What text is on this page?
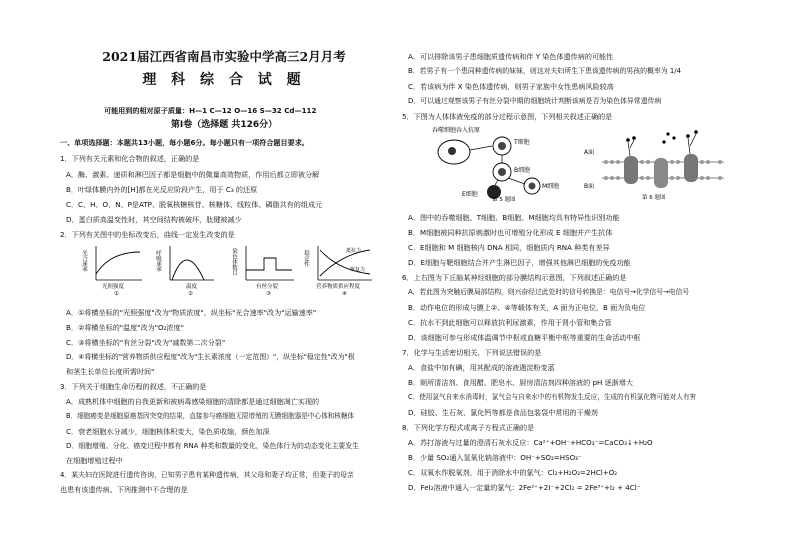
2021届江西省南昌市实验中学高三2月月考
理 科 综 合 试 题
可能用到的相对原子质量：H—1 C—12 O—16 S—32 Cd—112
第Ⅰ卷（选择题 共126分）
一、单项选择题：本题共13小题，每小题6分。每小题只有一项符合题目要求。
1．下列有关元素和化合物的叙述，正确的是
A．酶、激素、递质和淋巴因子都是细胞中的微量高效物质，作用后都立即被分解
B．叶绿体膜内外的[H]都在光反应阶段产生，用于 C₃ 的还原
C．C、H、O、N、P是ATP、脱氧核糖核苷、核糖体、线粒体、磷脂共有的组成元
D．蛋白质高温变性时，其空间结构被破坏，肽键被减少
2．下列有关图中的坐标改变后，曲线一定发生改变的是
光合速率
光照强度
①
呼吸速率
温度
②
染色体数目
有丝分裂
③
稳定性	抵抗力
恢复力
营养物质供应程度
④
A．①将横坐标的"光照强度"改为"物质浓度"，纵坐标"光合速率"改为"运输速率"
B．②将横坐标的"温度"改为"O₂浓度"
C．③将横坐标的"有丝分裂"改为"减数第二次分裂"
D．④将横坐标的"营养物质供应程度"改为"生长素浓度（一定范围）"，纵坐标"稳定性"改为"根
和茎生长单位长度所需时间"
3．下列关于细胞生命历程的叙述，不正确的是
A．成熟机体中细胞的自我更新和被病毒感染细胞的清除都是通过细胞凋亡实现的
B．细胞癌变是细胞原癌基因突变的结果，直接参与癌细胞无限增殖的无膜细胞器是中心体和核糖体
C．衰老细胞水分减少，细胞核体积变大，染色质收缩，颜色加深
D．细胞增殖、分化、癌变过程中都有 RNA 种类和数量的变化，染色体行为的动态变化主要发生
在细胞增殖过程中
4．某夫妇在医院进行遗传咨询，已知男子患有某种遗传病，其父母和妻子均正常，但妻子的母亲
也患有该遗传病。下列推测中不合理的是
A．可以排除该男子患细胞质遗传病和伴 Y 染色体遗传病的可能性
B．若男子有一个患同种遗传病的妹妹，则这对夫妇所生下患该遗传病的男孩的概率为 1/4
C．若该病为伴 X 染色体遗传病，则男子家族中女性患病风险较高
D．可以通过观察该男子有丝分裂中期的细胞统计判断该病是否为染色体异常遗传病
5．下图为人体体液免疫的部分过程示意图，下列相关叙述正确的是
吞噬细胞吞入抗原
T细胞
B细胞
M细胞
E细胞
第 5 题图
A面
B面
第 6 题图
A．图中的吞噬细胞、T细胞、B细胞、M细胞均具有特异性识别功能
B．M细胞被同种抗原刺激时也可增殖分化形成 E 细胞并产生抗体
C．E细胞和 M 细胞核内 DNA 相同，细胞质内 RNA 种类有差异
D．E细胞与靶细胞结合并产生淋巴因子，增强其他淋巴细胞的免疫功能
6．上右图为下丘脑某神经细胞的部分膜结构示意图，下列叙述正确的是
A．若此图为突触后膜局部结构，则兴奋经过此处时的信号转换是：电信号→化学信号→电信号
B．动作电位的形成与膜上②、④等载体有关，A 面为正电位，B 面为负电位
C．抗水不到此细胞可以释放抗利尿激素，作用于肾小管和集合管
D．该细胞可参与形成体温调节中枢或血糖平衡中枢等重要的生命活动中枢
7．化学与生活密切相关，下列说法错误的是
A．食盐中加有碘，用其配成的溶液遇淀粉变蓝
B．厕所清洁剂、食用醋、肥皂水、厨房清洁剂四种溶液的 pH 逐渐增大
C．使用氯气自来水消毒时，氯气会与自来水中的有机物发生反应，生成的有机氯化物可能对人有害
D．硅胶、生石灰、氯化钙等都是食品包装袋中常用的干燥剂
8．下列化学方程式或离子方程式正确的是
A．苏打溶液与过量的澄清石灰水反应：Ca²⁺+OH⁻+HCO₃⁻=CaCO₃↓+H₂O
B．少量 SO₂通入氢氧化钠溶液中：OH⁻+SO₂=HSO₃⁻
C．双氧水作脱氧剂，用于消除水中的氯气：Cl₂+H₂O₂=2HCl+O₂
D．FeI₂溶液中通入一定量的氯气：2Fe²⁺+2I⁻+2Cl₂ = 2Fe³⁺+I₂ + 4Cl⁻
